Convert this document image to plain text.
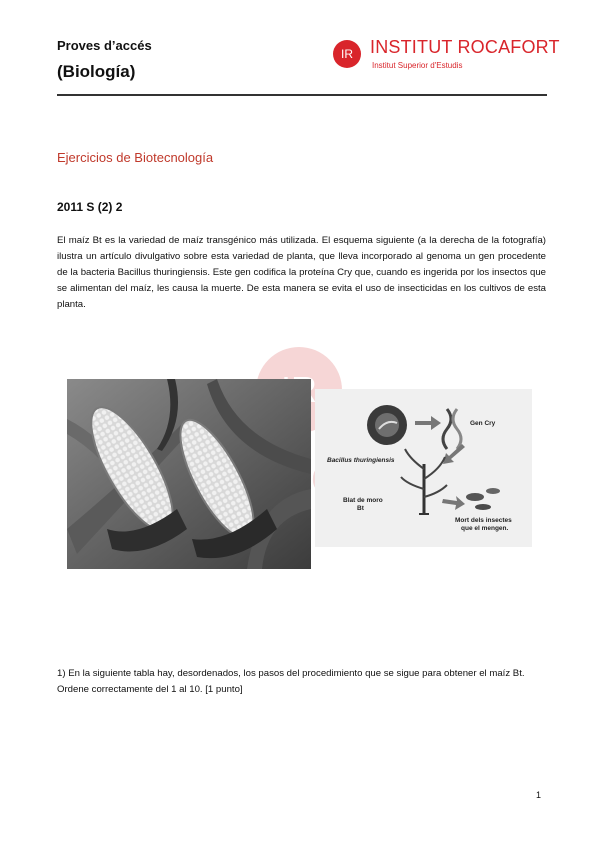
Proves d’accés
(Biología)
IR INSTITUT ROCAFORT
Institut Superior d'Estudis
Ejercicios de Biotecnología
2011 S (2) 2
El maíz Bt es la variedad de maíz transgénico más utilizada. El esquema siguiente (a la derecha de la fotografía) ilustra un artículo divulgativo sobre esta variedad de planta, que lleva incorporado al genoma un gen procedente de la bacteria Bacillus thuringiensis. Este gen codifica la proteína Cry que, cuando es ingerida por los insectos que se alimentan del maíz, les causa la muerte. De esta manera se evita el uso de insecticidas en los cultivos de esta planta.
Gen Cry
Bacillus thuringiensis
Blat de moro
Bt
Mort dels insectes
que el mengen.
1) En la siguiente tabla hay, desordenados, los pasos del procedimiento que se sigue para obtener el maíz Bt. Ordene correctamente del 1 al 10. [1 punto]
1
